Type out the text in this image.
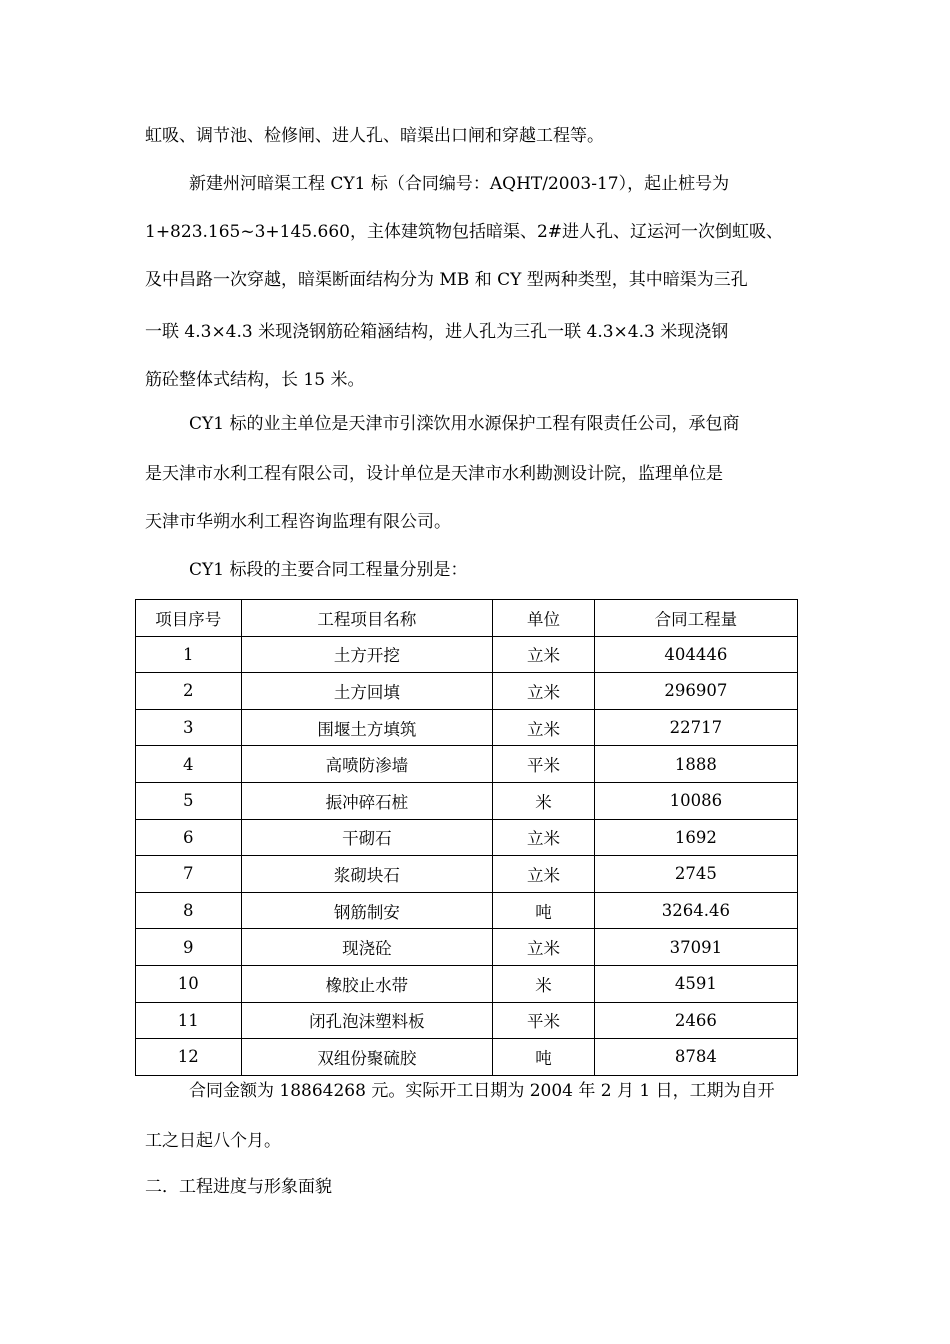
虹吸、调节池、检修闸、进人孔、暗渠出口闸和穿越工程等。
新建州河暗渠工程 CY1 标（合同编号：AQHT/2003-17），起止桩号为
1+823.165~3+145.660，主体建筑物包括暗渠、2#进人孔、辽运河一次倒虹吸、
及中昌路一次穿越，暗渠断面结构分为 MB 和 CY 型两种类型，其中暗渠为三孔
一联 4.3×4.3 米现浇钢筋砼箱涵结构，进人孔为三孔一联 4.3×4.3 米现浇钢
筋砼整体式结构，长 15 米。
CY1 标的业主单位是天津市引滦饮用水源保护工程有限责任公司，承包商
是天津市水利工程有限公司，设计单位是天津市水利勘测设计院，监理单位是
天津市华朔水利工程咨询监理有限公司。
CY1 标段的主要合同工程量分别是：
项目序号	工程项目名称	单位	合同工程量
1	土方开挖	立米	404446
2	土方回填	立米	296907
3	围堰土方填筑	立米	22717
4	高喷防渗墙	平米	1888
5	振冲碎石桩	米	10086
6	干砌石	立米	1692
7	浆砌块石	立米	2745
8	钢筋制安	吨	3264.46
9	现浇砼	立米	37091
10	橡胶止水带	米	4591
11	闭孔泡沫塑料板	平米	2466
12	双组份聚硫胶	吨	8784
合同金额为 18864268 元。实际开工日期为 2004 年 2 月 1 日，工期为自开
工之日起八个月。
二．工程进度与形象面貌
